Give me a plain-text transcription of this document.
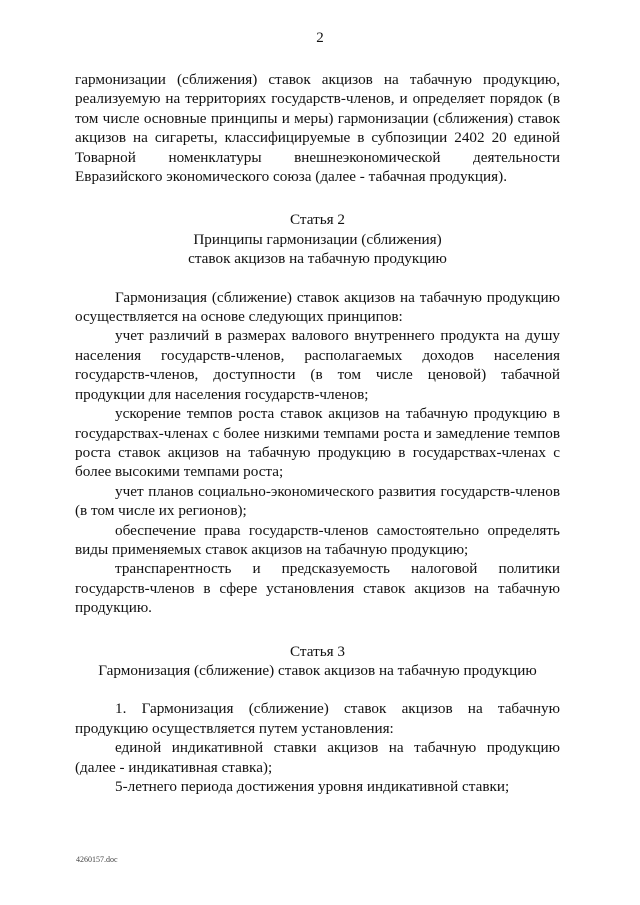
2

гармонизации (сближения) ставок акцизов на табачную продукцию, реализуемую на территориях государств-членов, и определяет порядок (в том числе основные принципы и меры) гармонизации (сближения) ставок акцизов на сигареты, классифицируемые в субпозиции 2402 20 единой Товарной номенклатуры внешнеэкономической деятельности Евразийского экономического союза (далее - табачная продукция).

Статья 2

Принципы гармонизации (сближения)

ставок акцизов на табачную продукцию

Гармонизация (сближение) ставок акцизов на табачную продукцию осуществляется на основе следующих принципов:

учет различий в размерах валового внутреннего продукта на душу населения государств-членов, располагаемых доходов населения государств-членов, доступности (в том числе ценовой) табачной продукции для населения государств-членов;

ускорение темпов роста ставок акцизов на табачную продукцию в государствах-членах с более низкими темпами роста и замедление темпов роста ставок акцизов на табачную продукцию в государствах-членах с более высокими темпами роста;

учет планов социально-экономического развития государств-членов (в том числе их регионов);

обеспечение права государств-членов самостоятельно определять виды применяемых ставок акцизов на табачную продукцию;

транспарентность и предсказуемость налоговой политики государств-членов в сфере установления ставок акцизов на табачную продукцию.

Статья 3

Гармонизация (сближение) ставок акцизов на табачную продукцию

1. Гармонизация (сближение) ставок акцизов на табачную продукцию осуществляется путем установления:

единой индикативной ставки акцизов на табачную продукцию (далее - индикативная ставка);

5-летнего периода достижения уровня индикативной ставки;

4260157.doc
